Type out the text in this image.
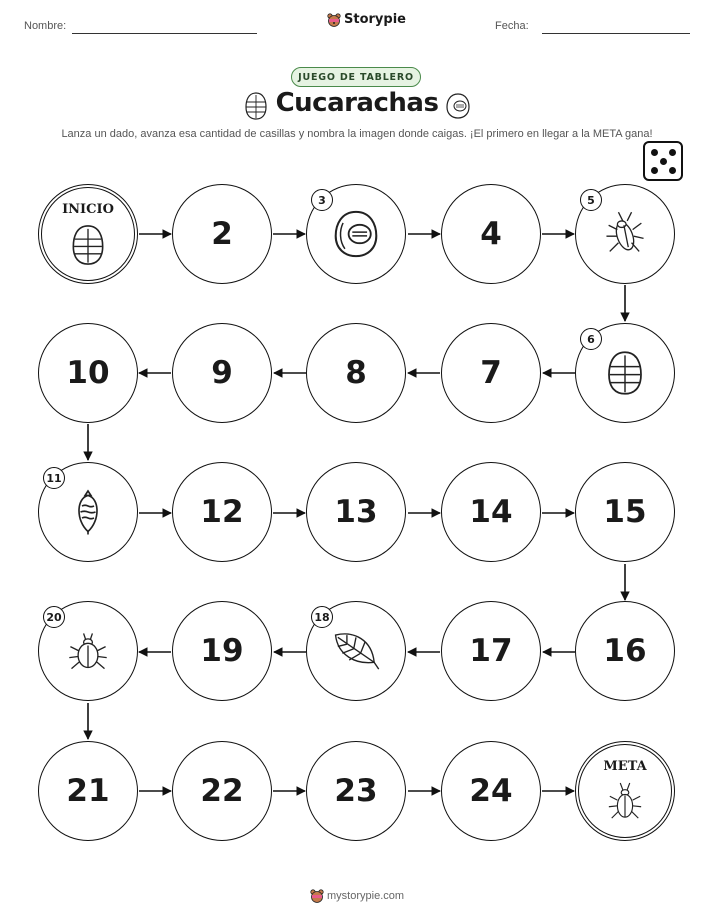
Nombre:	Storypie	Fecha:
JUEGO DE TABLERO
Cucarachas
Lanza un dado, avanza esa cantidad de casillas y nombra la imagen donde caigas. ¡El primero en llegar a la META gana!
INICIO
2
3
4
5
10	9	8	7
6
11
12	13	14	15
20
19
18
17	16
21	22	23	24
META
mystorypie.com
